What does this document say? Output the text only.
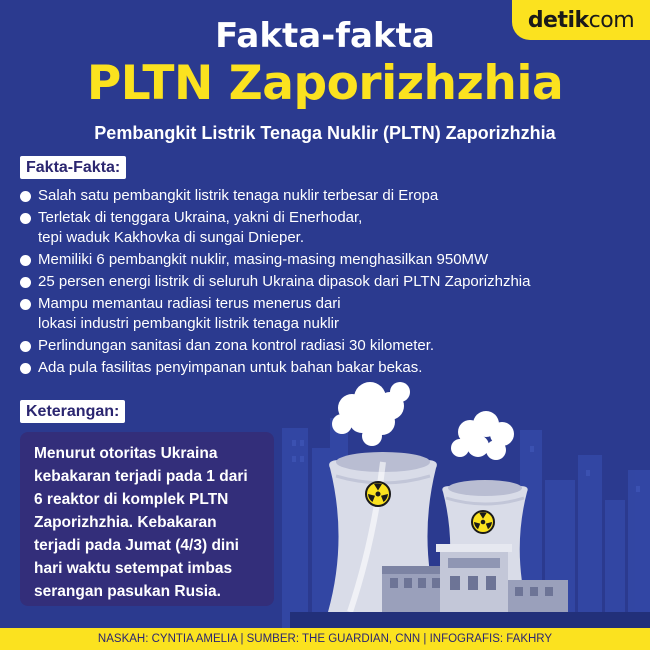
detikcom
Fakta-fakta
PLTN Zaporizhzhia
Pembangkit Listrik Tenaga Nuklir (PLTN) Zaporizhzhia
Fakta-Fakta:
Salah satu pembangkit listrik tenaga nuklir terbesar di Eropa
Terletak di tenggara Ukraina, yakni di Enerhodar,
tepi waduk Kakhovka di sungai Dnieper.
Memiliki 6 pembangkit nuklir, masing-masing menghasilkan 950MW
25 persen energi listrik di seluruh Ukraina dipasok dari PLTN Zaporizhzhia
Mampu memantau radiasi terus menerus dari
lokasi industri pembangkit listrik tenaga nuklir
Perlindungan sanitasi dan zona kontrol radiasi 30 kilometer.
Ada pula fasilitas penyimpanan untuk bahan bakar bekas.
Keterangan:

Menurut otoritas Ukraina kebakaran terjadi pada 1 dari 6 reaktor di komplek PLTN Zaporizhzhia. Kebakaran terjadi pada Jumat (4/3) dini hari waktu setempat imbas serangan pasukan Rusia.

NASKAH: CYNTIA AMELIA | SUMBER: THE GUARDIAN, CNN | INFOGRAFIS: FAKHRY
